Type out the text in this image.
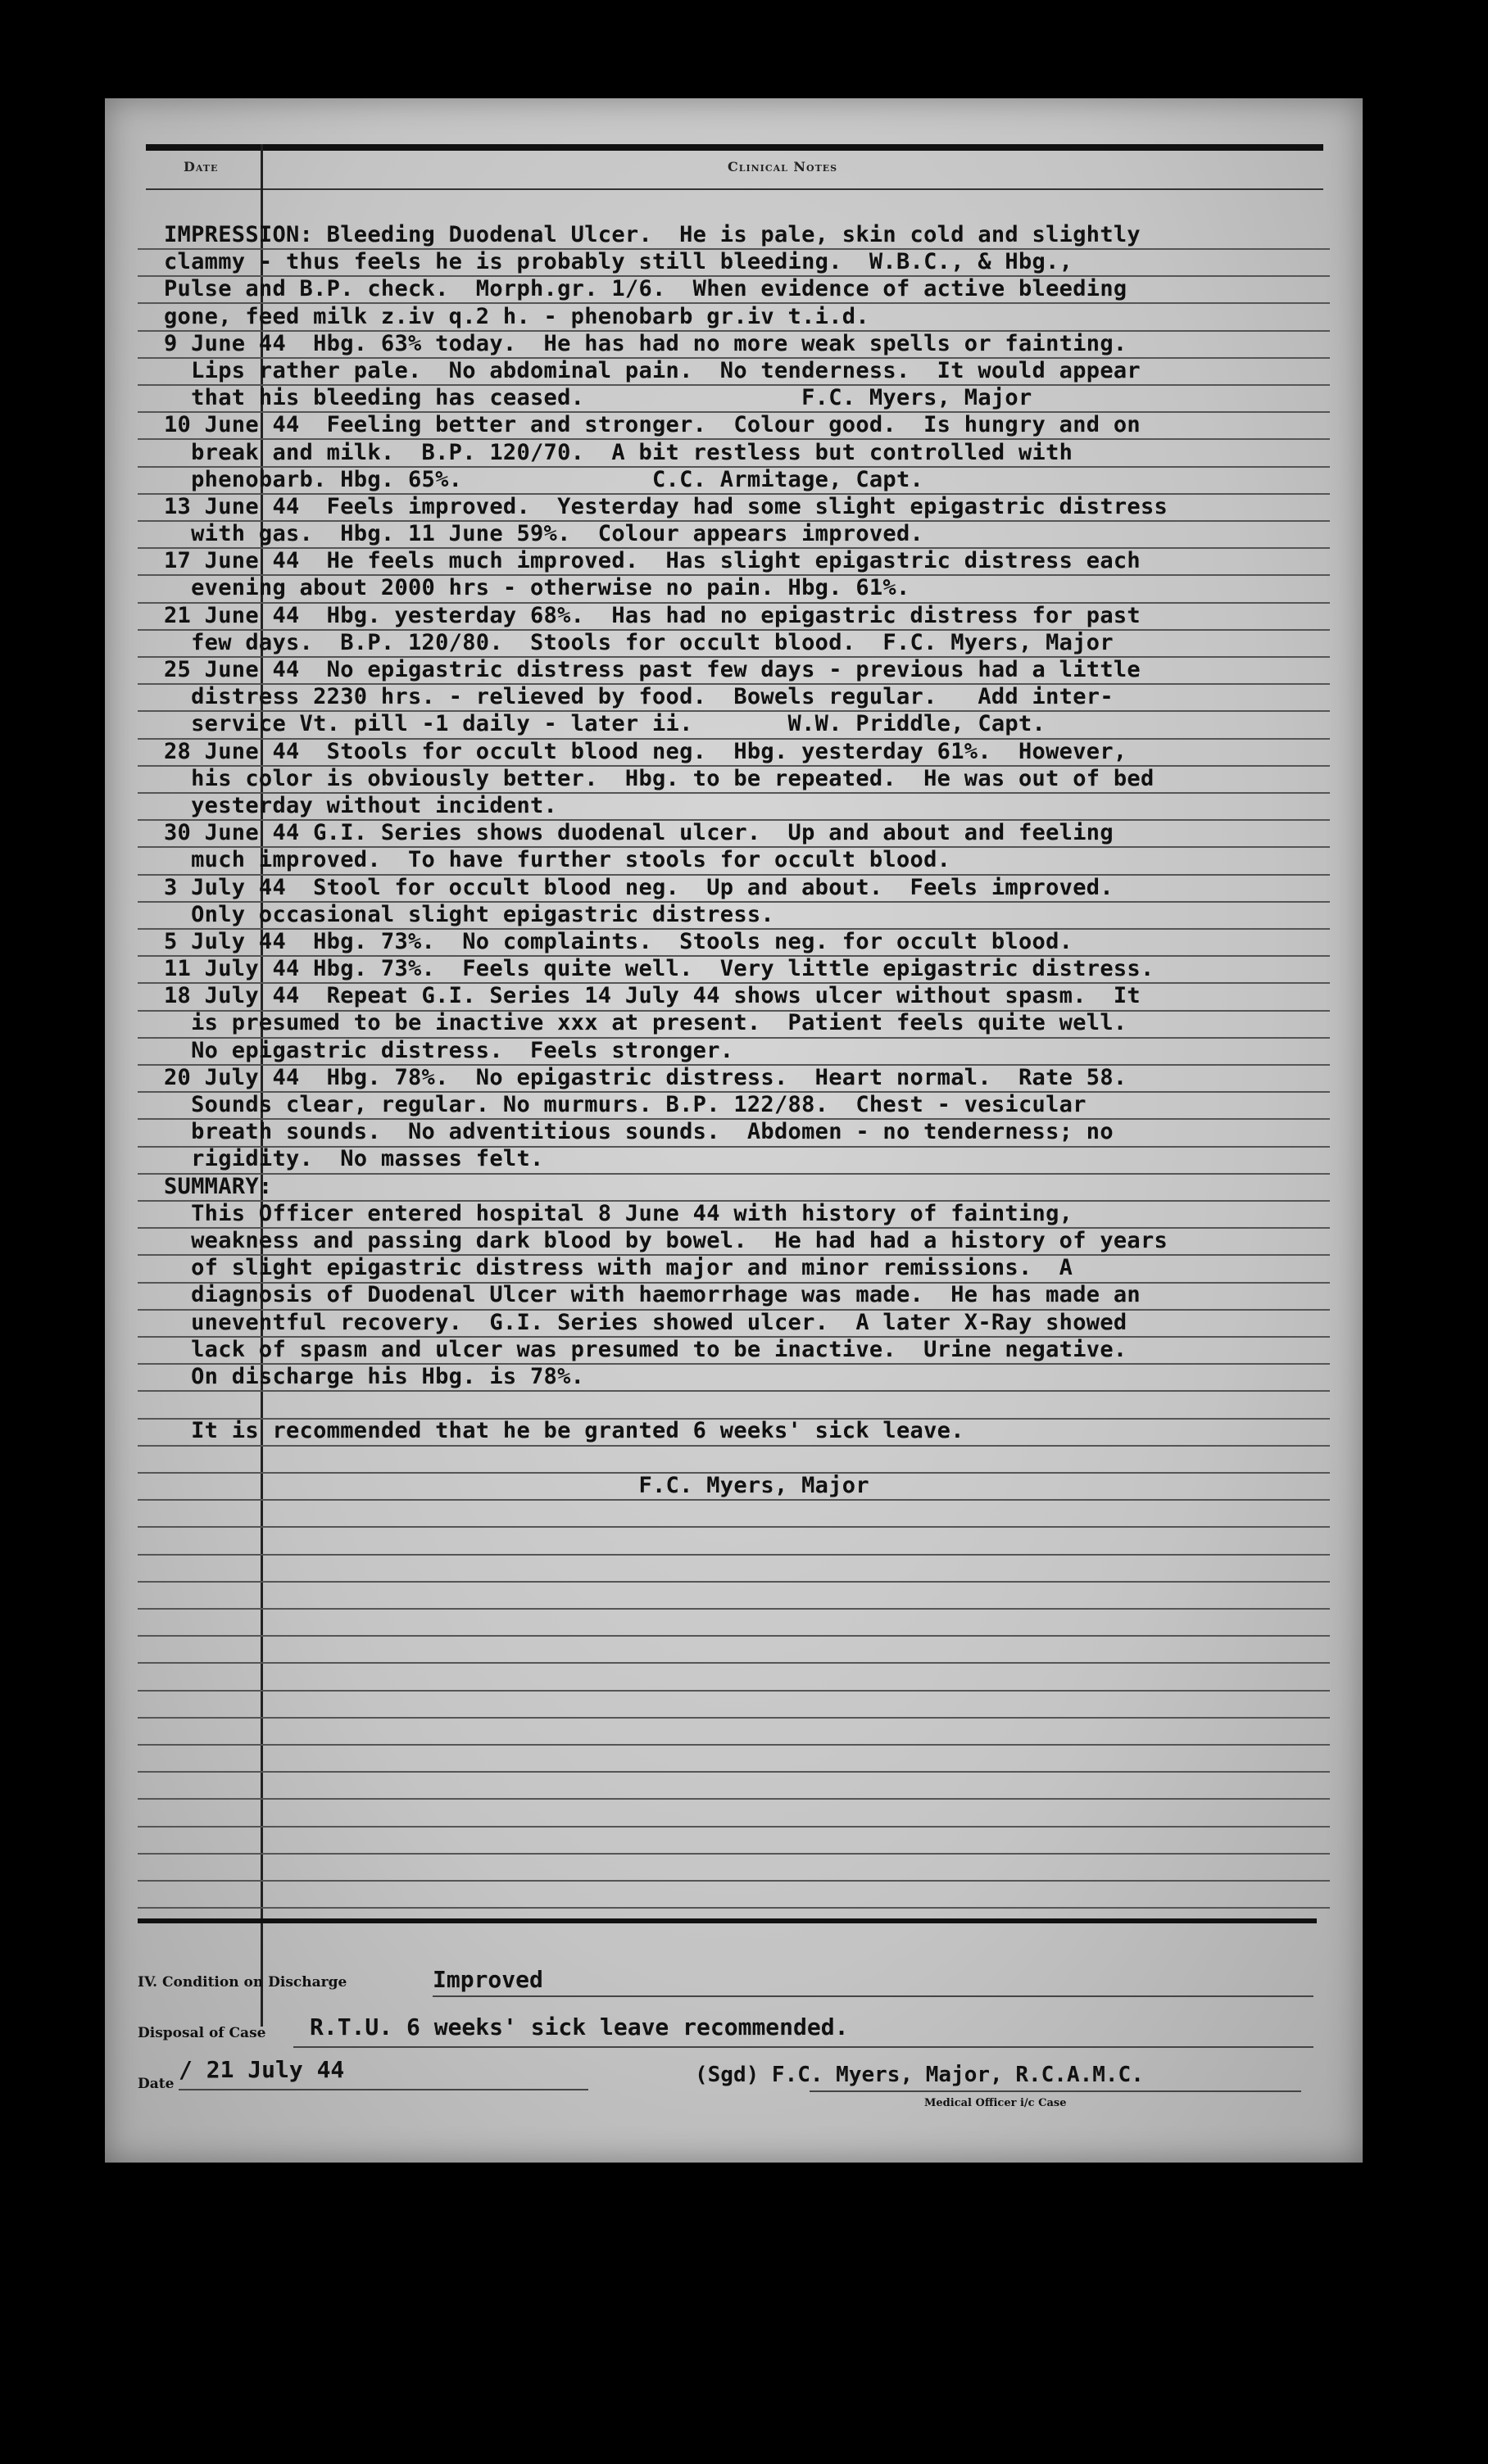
Date	Clinical Notes
IMPRESSION: Bleeding Duodenal Ulcer.  He is pale, skin cold and slightly
clammy - thus feels he is probably still bleeding.  W.B.C., & Hbg.,
Pulse and B.P. check.  Morph.gr. 1/6.  When evidence of active bleeding
gone, feed milk z.iv q.2 h. - phenobarb gr.iv t.i.d.
9 June 44  Hbg. 63% today.  He has had no more weak spells or fainting.
Lips rather pale.  No abdominal pain.  No tenderness.  It would appear
that his bleeding has ceased.                F.C. Myers, Major
10 June 44  Feeling better and stronger.  Colour good.  Is hungry and on
break and milk.  B.P. 120/70.  A bit restless but controlled with
phenobarb. Hbg. 65%.              C.C. Armitage, Capt.
13 June 44  Feels improved.  Yesterday had some slight epigastric distress
with gas.  Hbg. 11 June 59%.  Colour appears improved.
17 June 44  He feels much improved.  Has slight epigastric distress each
evening about 2000 hrs - otherwise no pain. Hbg. 61%.
21 June 44  Hbg. yesterday 68%.  Has had no epigastric distress for past
few days.  B.P. 120/80.  Stools for occult blood.  F.C. Myers, Major
25 June 44  No epigastric distress past few days - previous had a little
distress 2230 hrs. - relieved by food.  Bowels regular.   Add inter-
service Vt. pill -1 daily - later ii.       W.W. Priddle, Capt.
28 June 44  Stools for occult blood neg.  Hbg. yesterday 61%.  However,
his color is obviously better.  Hbg. to be repeated.  He was out of bed
yesterday without incident.
30 June 44 G.I. Series shows duodenal ulcer.  Up and about and feeling
much improved.  To have further stools for occult blood.
3 July 44  Stool for occult blood neg.  Up and about.  Feels improved.
Only occasional slight epigastric distress.
5 July 44  Hbg. 73%.  No complaints.  Stools neg. for occult blood.
11 July 44 Hbg. 73%.  Feels quite well.  Very little epigastric distress.
18 July 44  Repeat G.I. Series 14 July 44 shows ulcer without spasm.  It
is presumed to be inactive xxx at present.  Patient feels quite well.
No epigastric distress.  Feels stronger.
20 July 44  Hbg. 78%.  No epigastric distress.  Heart normal.  Rate 58.
Sounds clear, regular. No murmurs. B.P. 122/88.  Chest - vesicular
breath sounds.  No adventitious sounds.  Abdomen - no tenderness; no
rigidity.  No masses felt.
SUMMARY:
This Officer entered hospital 8 June 44 with history of fainting,
weakness and passing dark blood by bowel.  He had had a history of years
of slight epigastric distress with major and minor remissions.  A
diagnosis of Duodenal Ulcer with haemorrhage was made.  He has made an
uneventful recovery.  G.I. Series showed ulcer.  A later X-Ray showed
lack of spasm and ulcer was presumed to be inactive.  Urine negative.
On discharge his Hbg. is 78%.
It is recommended that he be granted 6 weeks' sick leave.
F.C. Myers, Major
IV. Condition on Discharge	Improved
Disposal of Case R.T.U. 6 weeks' sick leave recommended.
Date
/ 21 July 44	(Sgd) F.C. Myers, Major, R.C.A.M.C.
Medical Officer i/c Case
